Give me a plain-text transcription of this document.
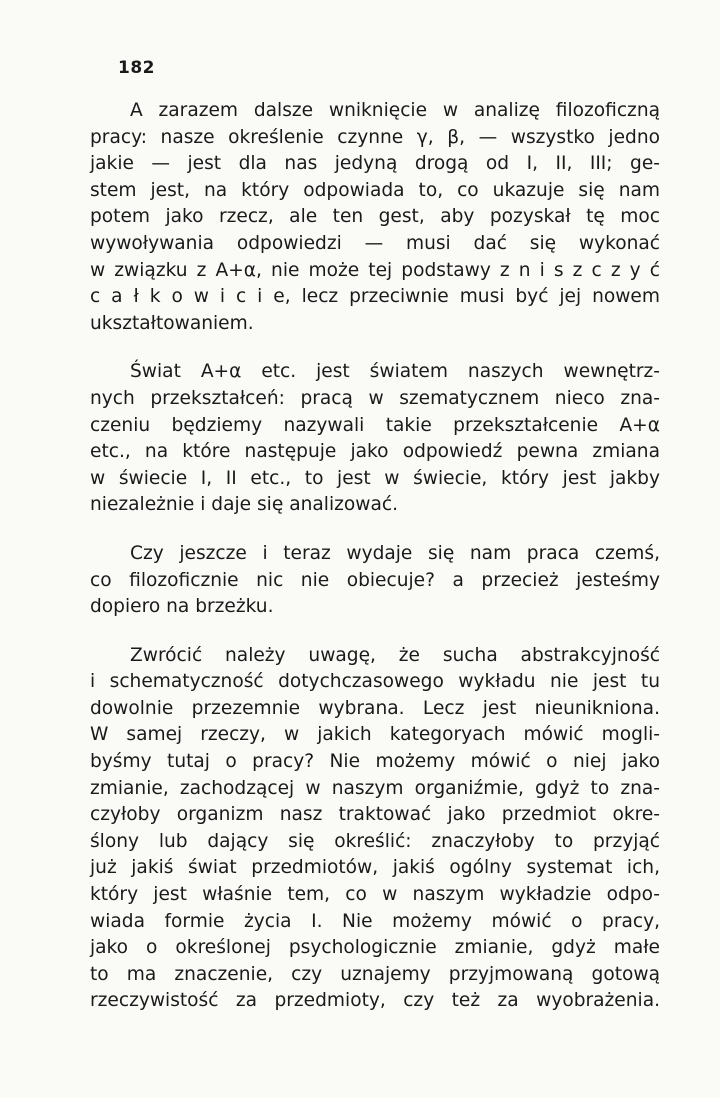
182

A zarazem dalsze wniknięcie w analizę filozoficzną
pracy: nasze określenie czynne γ, β, — wszystko jedno
jakie — jest dla nas jedyną drogą od I, II, III; ge-
stem jest, na który odpowiada to, co ukazuje się nam
potem jako rzecz, ale ten gest, aby pozyskał tę moc
wywoływania odpowiedzi — musi dać się wykonać
w związku z A+α, nie może tej podstawy z n i s z c z y ć
c a ł k o w i c i e, lecz przeciwnie musi być jej nowem
ukształtowaniem.

Świat A+α etc. jest światem naszych wewnętrz-
nych przekształceń: pracą w szematycznem nieco zna-
czeniu będziemy nazywali takie przekształcenie A+α
etc., na które następuje jako odpowiedź pewna zmiana
w świecie I, II etc., to jest w świecie, który jest jakby
niezależnie i daje się analizować.

Czy jeszcze i teraz wydaje się nam praca czemś,
co filozoficznie nic nie obiecuje? a przecież jesteśmy
dopiero na brzeżku.

Zwrócić należy uwagę, że sucha abstrakcyjność
i schematyczność dotychczasowego wykładu nie jest tu
dowolnie przezemnie wybrana. Lecz jest nieunikniona.
W samej rzeczy, w jakich kategoryach mówić mogli-
byśmy tutaj o pracy? Nie możemy mówić o niej jako
zmianie, zachodzącej w naszym organiźmie, gdyż to zna-
czyłoby organizm nasz traktować jako przedmiot okre-
ślony lub dający się określić: znaczyłoby to przyjąć
już jakiś świat przedmiotów, jakiś ogólny systemat ich,
który jest właśnie tem, co w naszym wykładzie odpo-
wiada formie życia I. Nie możemy mówić o pracy,
jako o określonej psychologicznie zmianie, gdyż małe
to ma znaczenie, czy uznajemy przyjmowaną gotową
rzeczywistość za przedmioty, czy też za wyobrażenia.
